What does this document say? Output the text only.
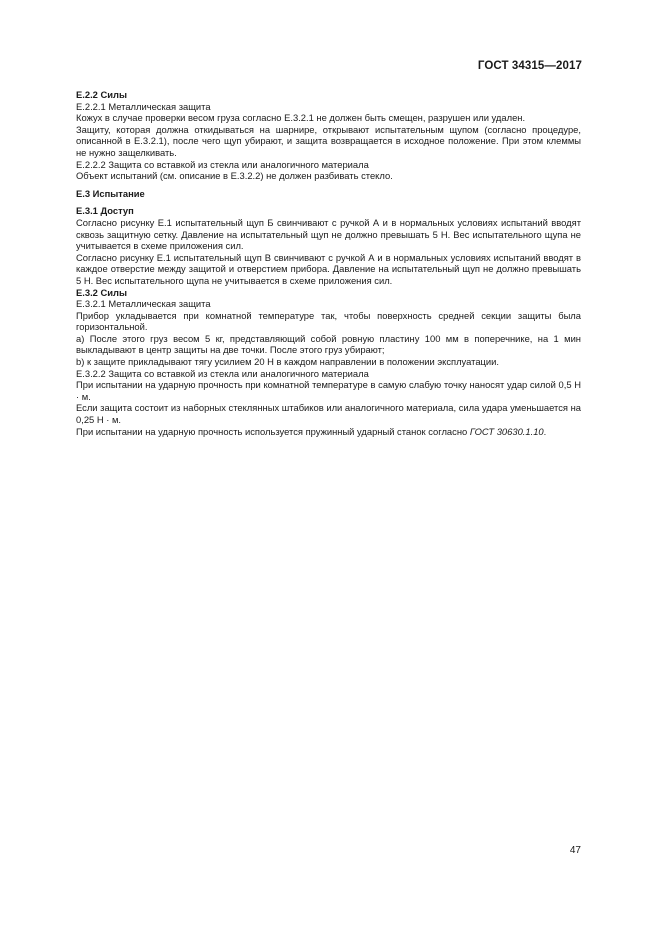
ГОСТ 34315—2017

Е.2.2 Силы

Е.2.2.1 Металлическая защита

Кожух в случае проверки весом груза согласно Е.3.2.1 не должен быть смещен, разрушен или удален.

Защиту, которая должна откидываться на шарнире, открывают испытательным щупом (согласно процедуре, описанной в Е.3.2.1), после чего щуп убирают, и защита возвращается в исходное положение. При этом клеммы не нужно защелкивать.

Е.2.2.2 Защита со вставкой из стекла или аналогичного материала

Объект испытаний (см. описание в Е.3.2.2) не должен разбивать стекло.

Е.3 Испытание

Е.3.1 Доступ

Согласно рисунку Е.1 испытательный щуп Б свинчивают с ручкой А и в нормальных условиях испытаний вводят сквозь защитную сетку. Давление на испытательный щуп не должно превышать 5 Н. Вес испытательного щупа не учитывается в схеме приложения сил.

Согласно рисунку Е.1 испытательный щуп В свинчивают с ручкой А и в нормальных условиях испытаний вводят в каждое отверстие между защитой и отверстием прибора. Давление на испытательный щуп не должно превышать 5 Н. Вес испытательного щупа не учитывается в схеме приложения сил.

Е.3.2 Силы

Е.3.2.1 Металлическая защита

Прибор укладывается при комнатной температуре так, чтобы поверхность средней секции защиты была горизонтальной.

а) После этого груз весом 5 кг, представляющий собой ровную пластину 100 мм в поперечнике, на 1 мин выкладывают в центр защиты на две точки. После этого груз убирают;

b) к защите прикладывают тягу усилием 20 Н в каждом направлении в положении эксплуатации.

Е.3.2.2 Защита со вставкой из стекла или аналогичного материала

При испытании на ударную прочность при комнатной температуре в самую слабую точку наносят удар силой 0,5 Н · м.

Если защита состоит из наборных стеклянных штабиков или аналогичного материала, сила удара уменьшается на 0,25 Н · м.

При испытании на ударную прочность используется пружинный ударный станок согласно ГОСТ 30630.1.10.

47
